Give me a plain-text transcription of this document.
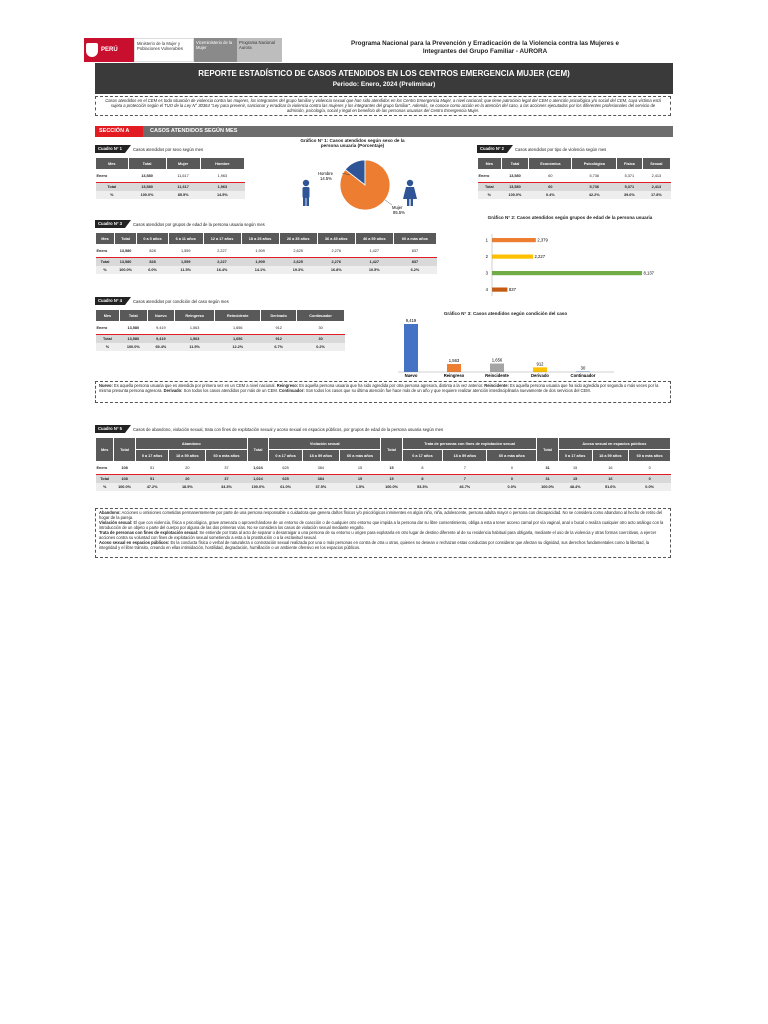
PERÚ
Ministerio de la Mujer y Poblaciones Vulnerables
Viceministerio de la Mujer
Programa Nacional Aurora
Programa Nacional para la Prevención y Erradicación de la Violencia contra las Mujeres e
Integrantes del Grupo Familiar - AURORA
REPORTE ESTADÍSTICO DE CASOS ATENDIDOS EN LOS CENTROS EMERGENCIA MUJER (CEM)
Periodo: Enero, 2024 (Preliminar)
Casos atendidos en el CEM es toda situación de violencia contra las mujeres, los integrantes del grupo familiar y violencia sexual que han sido atendidos en los Centro Emergencia Mujer, a nivel nacional; que tiene patrocinio legal del CEM o atención psicológica y/o social del CEM, cuya víctima está sujeta a protección según el TUO de la Ley N° 30364 "Ley para prevenir, sancionar y erradicar la violencia contra las mujeres y los integrantes del grupo familiar". Además, se conoce como acción en la atención del caso, a las acciones ejecutadas por los diferentes profesionales del servicio de admisión, psicología, social y legal en beneficio de las personas usuarias del Centro Emergencia Mujer.
SECCIÓN A	CASOS ATENDIDOS SEGÚN MES
Cuadro N° 1	Casos atendidos por sexo según mes
Mes	Total	Mujer	Hombre
Enero	13,580	11,617	1,963
Total	13,580	11,617	1,963
%	100.0%	85.5%	14.5%
Gráfico N° 1: Casos atendidos según sexo de la persona usuaria (Porcentaje)
Hombre
14.5%
Mujer
85.5%
Cuadro N° 2	Casos atendidos por tipo de violencia según mes
Mes	Total	Económica	Psicológica	Física	Sexual
Enero	13,580	60	5,736	5,371	2,413
Total	13,580	60	5,736	5,371	2,413
%	100.0%	0.4%	42.2%	39.6%	17.8%
Gráfico N° 2: Casos atendidos según grupos de edad de la persona usuaria
1	2,379
2	2,227
3	8,137
4	837
Cuadro N° 3	Casos atendidos por grupos de edad de la persona usuaria según mes
Mes	Total	0 a 5 años	6 a 11 años	12 a 17 años	18 a 25 años	26 a 35 años	36 a 45 años	46 a 59 años	60 a más años
Enero	13,580	828	1,559	2,227	1,909	2,625	2,276	1,427	837
Total	13,580	828	1,559	2,227	1,909	2,625	2,276	1,427	837
%	100.0%	6.0%	11.5%	16.4%	14.1%	19.3%	16.8%	10.5%	6.2%
Cuadro N° 4	Casos atendidos por condición del caso según mes
Mes	Total	Nuevo	Reingreso	Reincidente	Derivado	Continuador
Enero	13,580	9,419	1,563	1,656	912	30
Total	13,580	9,419	1,563	1,656	912	30
%	100.0%	69.4%	11.5%	12.2%	6.7%	0.2%
Gráfico N° 3: Casos atendidos según condición del caso
9,419
Nuevo
1,563
Reingreso
1,656
Reincidente
912
Derivado
30
Continuador
Nuevo: Es aquella persona usuaria que es atendida por primera vez en un CEM a nivel nacional. Reingreso: Es aquella persona usuaria que ha sido agredida por otra persona agresora, distinta a la vez anterior. Reincidente: Es aquella persona usuaria que ha sido agredida por segunda o más veces por la misma presunta persona agresora. Derivado: Son todos los casos atendidos por más de un CEM. Continuador: Son todos los casos que su última atención fue hace más de un año y que requiere realizar atención interdisciplinaria nuevamente de dos servicios del CEM.
Cuadro N° 5	Casos de abandono, violación sexual, trata con fines de explotación sexual y acoso sexual en espacios públicos, por grupos de edad de la persona usuaria según mes
Mes	Total	Abandono			Total	Violación sexual			Total	Trata de personas con fines de explotación sexual			Total	Acoso sexual en espacios públicos		
		0 a 17 años	18 a 59 años	60 a más años		0 a 17 años	18 a 59 años	60 a más años		0 a 17 años	18 a 59 años	60 a más años		0 a 17 años	18 a 59 años	60 a más años
Enero	108	51	20	37	1,024	625	384	15	15	8	7	0	31	15	16	0
Total	108	51	20	37	1,024	625	384	15	15	8	7	0	31	15	16	0
%	100.0%	47.2%	18.5%	34.3%	100.0%	61.0%	37.5%	1.5%	100.0%	53.3%	46.7%	0.0%	100.0%	48.4%	51.6%	0.0%
Abandono: Acciones u omisiones cometidas permanentemente por parte de una persona responsable o cuidadora que genera daños físicos y/o psicológicos inminentes en algún niño, niña, adolescente, persona adulta mayor o persona con discapacidad. No se considera como abandono al hecho de retiro del hogar de la pareja.
Violación sexual: El que con violencia, física o psicológica, grave amenaza o aprovechándose de un entorno de coacción o de cualquier otro entorno que impida a la persona dar su libre consentimiento, obliga a esta a tener acceso carnal por vía vaginal, anal o bucal o realiza cualquier otro acto análogo con la introducción de un objeto o parte del cuerpo por alguna de las dos primeras vías. No se considera los casos de violación sexual mediante engaño.
Trata de personas con fines de explotación sexual: Se entiende por trata al acto de separar o desarraigar a una persona de su entorno u origen para explotarla en otro lugar de destino diferente al de su residencia habitual para obligarla, mediante el uso de la violencia y otras formas coercitivas, a ejercer acciones contra su voluntad con fines de explotación sexual sometiendo a esta a la prostitución o a la esclavitud sexual.
Acoso sexual en espacios públicos: Es la conducta física o verbal de naturaleza o connotación sexual realizada por una o más personas en contra de otra u otras, quienes no desean o rechazan estas conductas por considerar que afectan su dignidad, sus derechos fundamentales como la libertad, la integridad y el libre tránsito, creando en ellas intimidación, hostilidad, degradación, humillación o un ambiente ofensivo en los espacios públicos.
